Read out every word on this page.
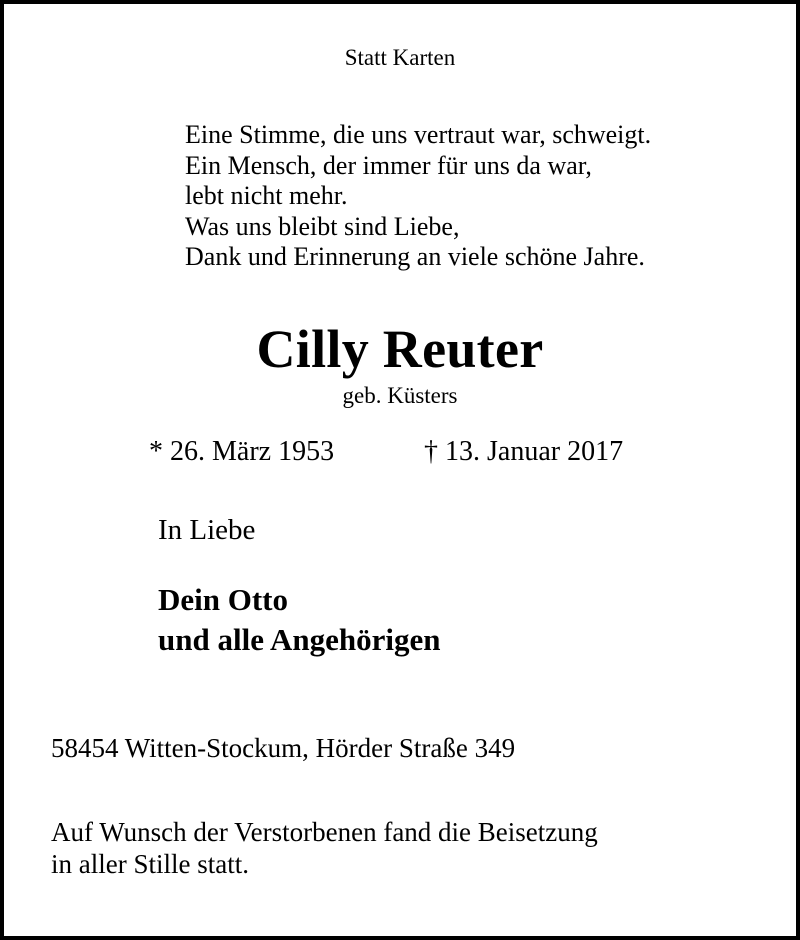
Statt Karten
Eine Stimme, die uns vertraut war, schweigt.
Ein Mensch, der immer für uns da war,
lebt nicht mehr.
Was uns bleibt sind Liebe,
Dank und Erinnerung an viele schöne Jahre.
Cilly Reuter
geb. Küsters
* 26. März 1953	† 13. Januar 2017
In Liebe
Dein Otto
und alle Angehörigen
58454 Witten-Stockum, Hörder Straße 349
Auf Wunsch der Verstorbenen fand die Beisetzung
in aller Stille statt.
